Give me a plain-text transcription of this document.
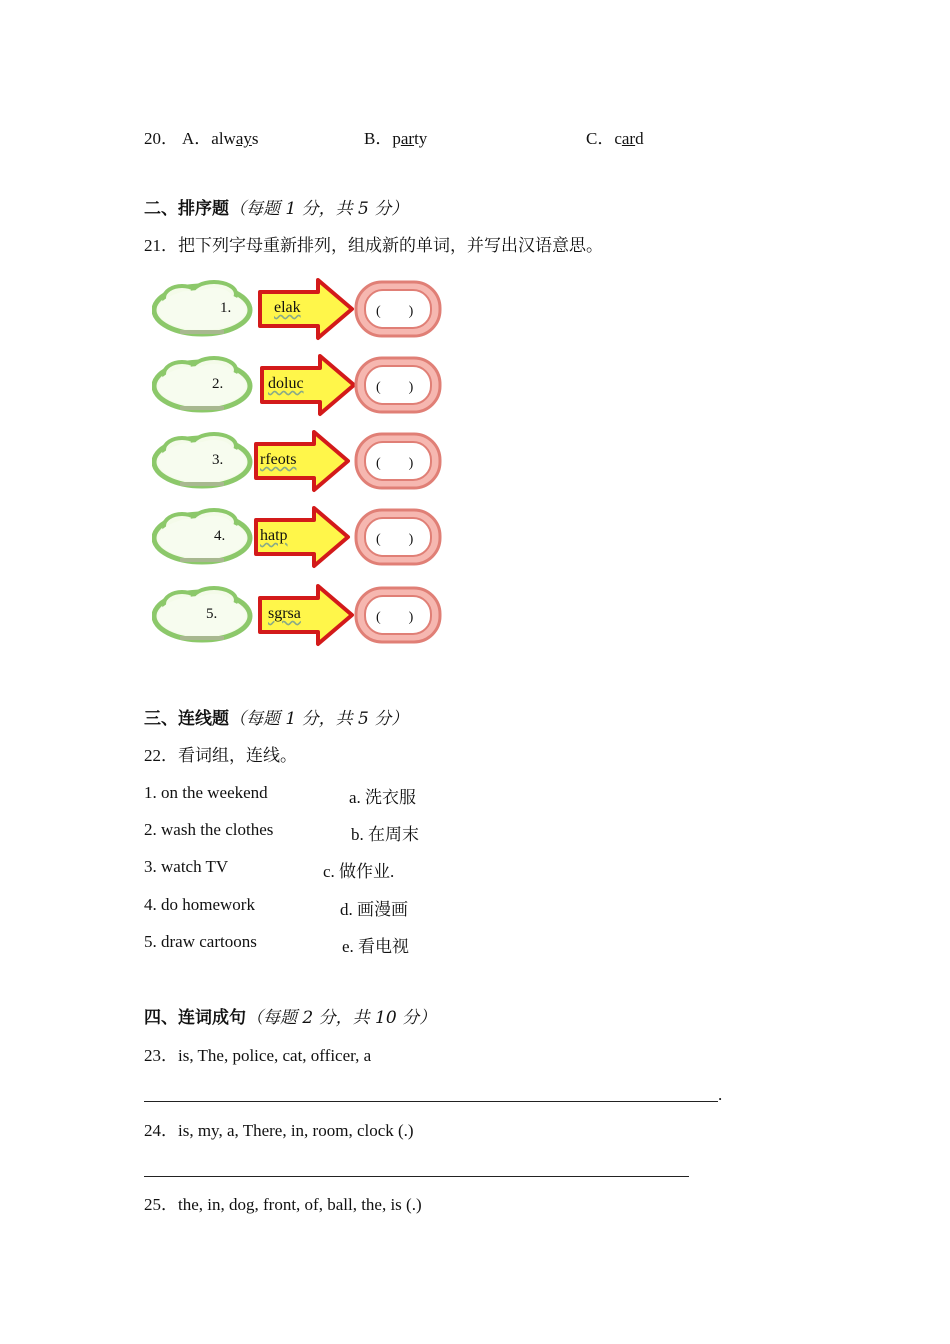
20． A．always	B．party	C．card
二、排序题（每题 1 分，共 5 分）
21．把下列字母重新排列，组成新的单词，并写出汉语意思。
1.	elak	(　　)
2.	doluc	(　　)
3. rfeots	(　　)
4. hatp	(　　)
5.	sgrsa	(　　)
三、连线题（每题 1 分，共 5 分）
22．看词组，连线。
1. on the weekend	a. 洗衣服
2. wash the clothes	b. 在周末
3. watch TV	c. 做作业.
4. do homework	d. 画漫画
5. draw cartoons	e. 看电视
四、连词成句（每题 2 分，共 10 分）
23．is, The, police, cat, officer, a
.
24．is, my, a, There, in, room, clock (.)
25．the, in, dog, front, of, ball, the, is (.)
